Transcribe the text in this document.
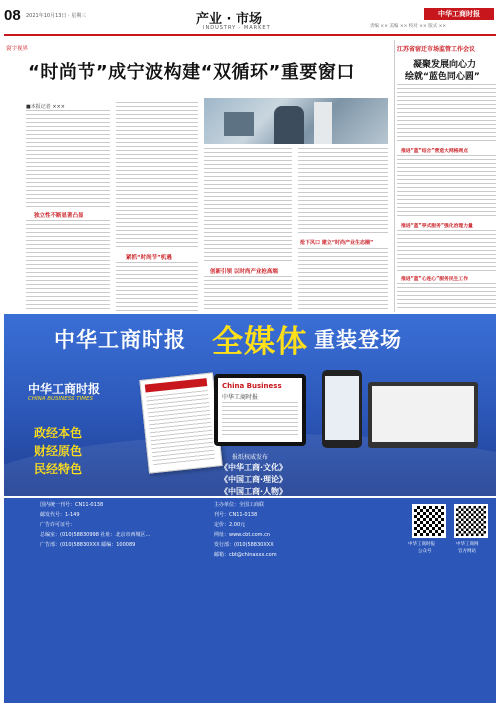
08 2021年10月13日 · 星期三	产业 · 市场
INDUSTRY · MARKET
中华工商时报
责编 ×× 美编 ×× 校对 ×× 版式 ××
寰宇视界
“时尚节”成宁波构建“双循环”重要窗口
■本报记者 ×××
独立性不断显著凸显
紧抓“时尚节”机遇
创新引领 以时尚产业抢高端
抢下风口 建立“时尚产业生态圈”
江苏省宿迁市场监管工作会议
凝聚发展向心力
绘就“蓝色同心圆”
推进“蓝”结合”营造大网格网点
推进“蓝”亭式服务”强化治理力量
推进“蓝”心连心”服务民生工作
中华工商时报 全媒体 重装登场
中华工商时报
CHINA BUSINESS TIMES
政经本色
财经原色
民经特色
China Business
中华工商时报
报纸权威发布
《中华工商·文化》
《中国工商·理论》
《中国工商·人物》
国内统一刊号：CN11-0138
邮发代号：1-149
广告许可证号：
总编室：(010)58830998 社址：北京市西城区...
广告部：(010)58830XXX 邮编：100089
主办单位：全国工商联
刊号：CN11-0138
定价：2.00元
网址：www.cbt.com.cn
发行部：(010)58830XXX
邮箱：cbt@chinaxxx.com
中华工商时报
公众号
中华工商网
官方网站
